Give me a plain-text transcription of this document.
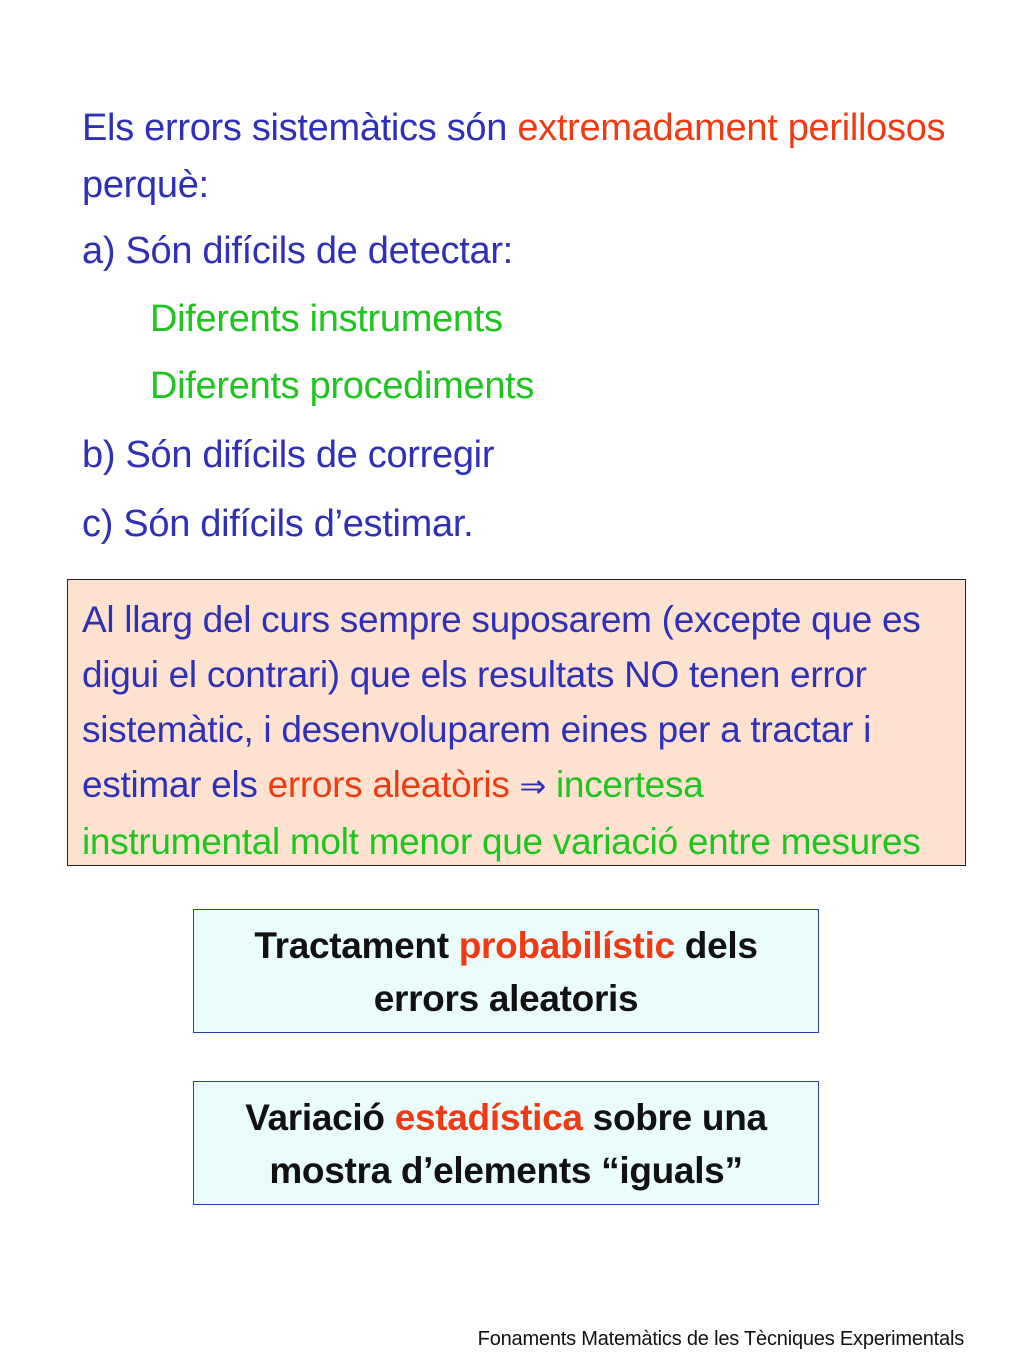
Els errors sistemàtics són extremadament perillosos
perquè:
a) Són difícils de detectar:
Diferents instruments
Diferents procediments
b) Són difícils de corregir
c) Són difícils d’estimar.
Al llarg del curs sempre suposarem (excepte que es
digui el contrari) que els resultats NO tenen error
sistemàtic, i desenvoluparem eines per a tractar i
estimar els errors aleatòris ⇒ incertesa
instrumental molt menor que variació entre mesures
Tractament probabilístic dels
errors aleatoris
Variació estadística sobre una
mostra d’elements “iguals”
Fonaments Matemàtics de les Tècniques Experimentals
